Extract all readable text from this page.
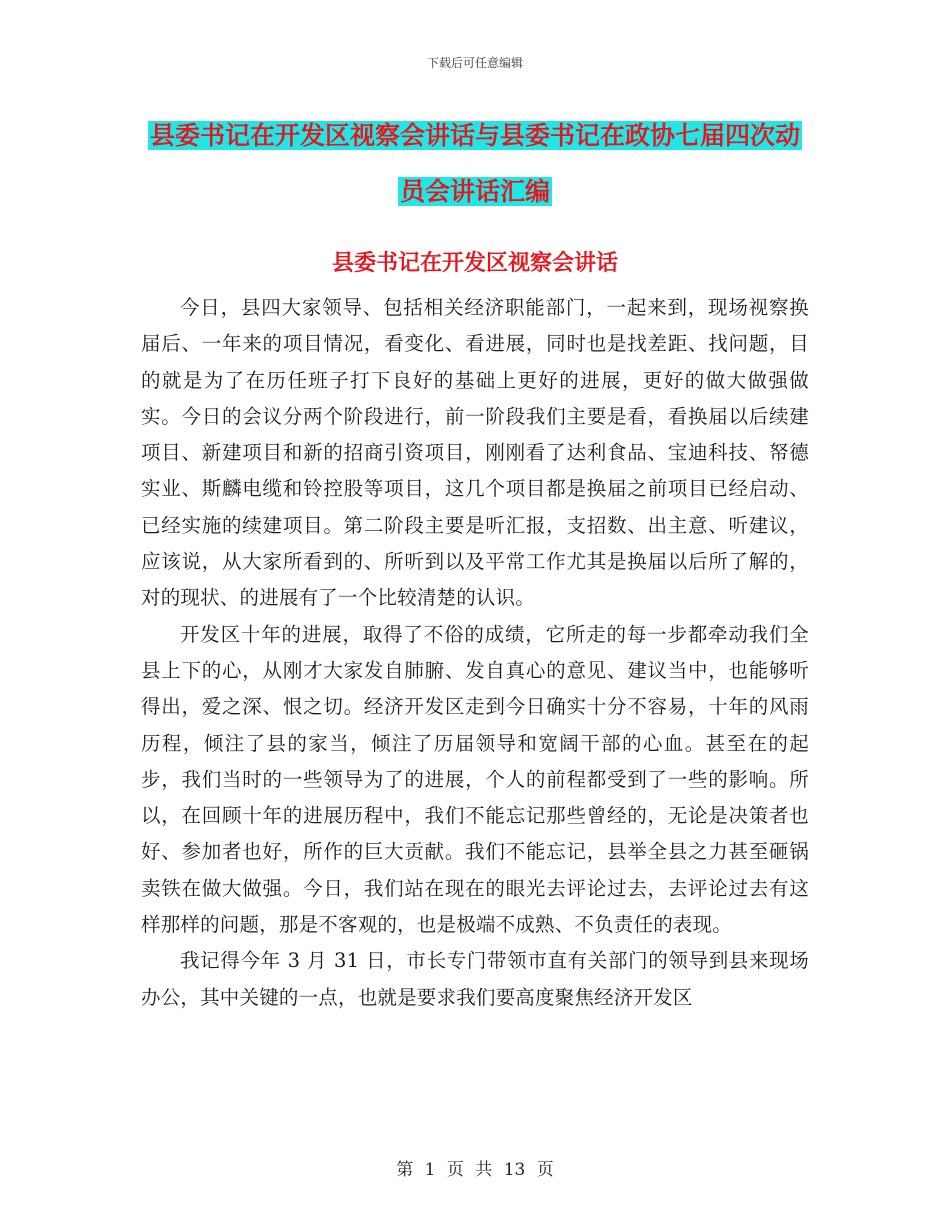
下载后可任意编辑
县委书记在开发区视察会讲话与县委书记在政协七届四次动员会讲话汇编
县委书记在开发区视察会讲话

今日，县四大家领导、包括相关经济职能部门，一起来到，现场视察换届后、一年来的项目情况，看变化、看进展，同时也是找差距、找问题，目的就是为了在历任班子打下良好的基础上更好的进展，更好的做大做强做实。今日的会议分两个阶段进行，前一阶段我们主要是看，看换届以后续建项目、新建项目和新的招商引资项目，刚刚看了达利食品、宝迪科技、帑德实业、斯麟电缆和铃控股等项目，这几个项目都是换届之前项目已经启动、已经实施的续建项目。第二阶段主要是听汇报，支招数、出主意、听建议，应该说，从大家所看到的、所听到以及平常工作尤其是换届以后所了解的，对的现状、的进展有了一个比较清楚的认识。

开发区十年的进展，取得了不俗的成绩，它所走的每一步都牵动我们全县上下的心，从刚才大家发自肺腑、发自真心的意见、建议当中，也能够听得出，爱之深、恨之切。经济开发区走到今日确实十分不容易，十年的风雨历程，倾注了县的家当，倾注了历届领导和宽阔干部的心血。甚至在的起步，我们当时的一些领导为了的进展，个人的前程都受到了一些的影响。所以，在回顾十年的进展历程中，我们不能忘记那些曾经的，无论是决策者也好、参加者也好，所作的巨大贡献。我们不能忘记，县举全县之力甚至砸锅卖铁在做大做强。今日，我们站在现在的眼光去评论过去，去评论过去有这样那样的问题，那是不客观的，也是极端不成熟、不负责任的表现。

我记得今年 3 月 31 日，市长专门带领市直有关部门的领导到县来现场办公，其中关键的一点，也就是要求我们要高度聚焦经济开发区

第 1 页 共 13 页
